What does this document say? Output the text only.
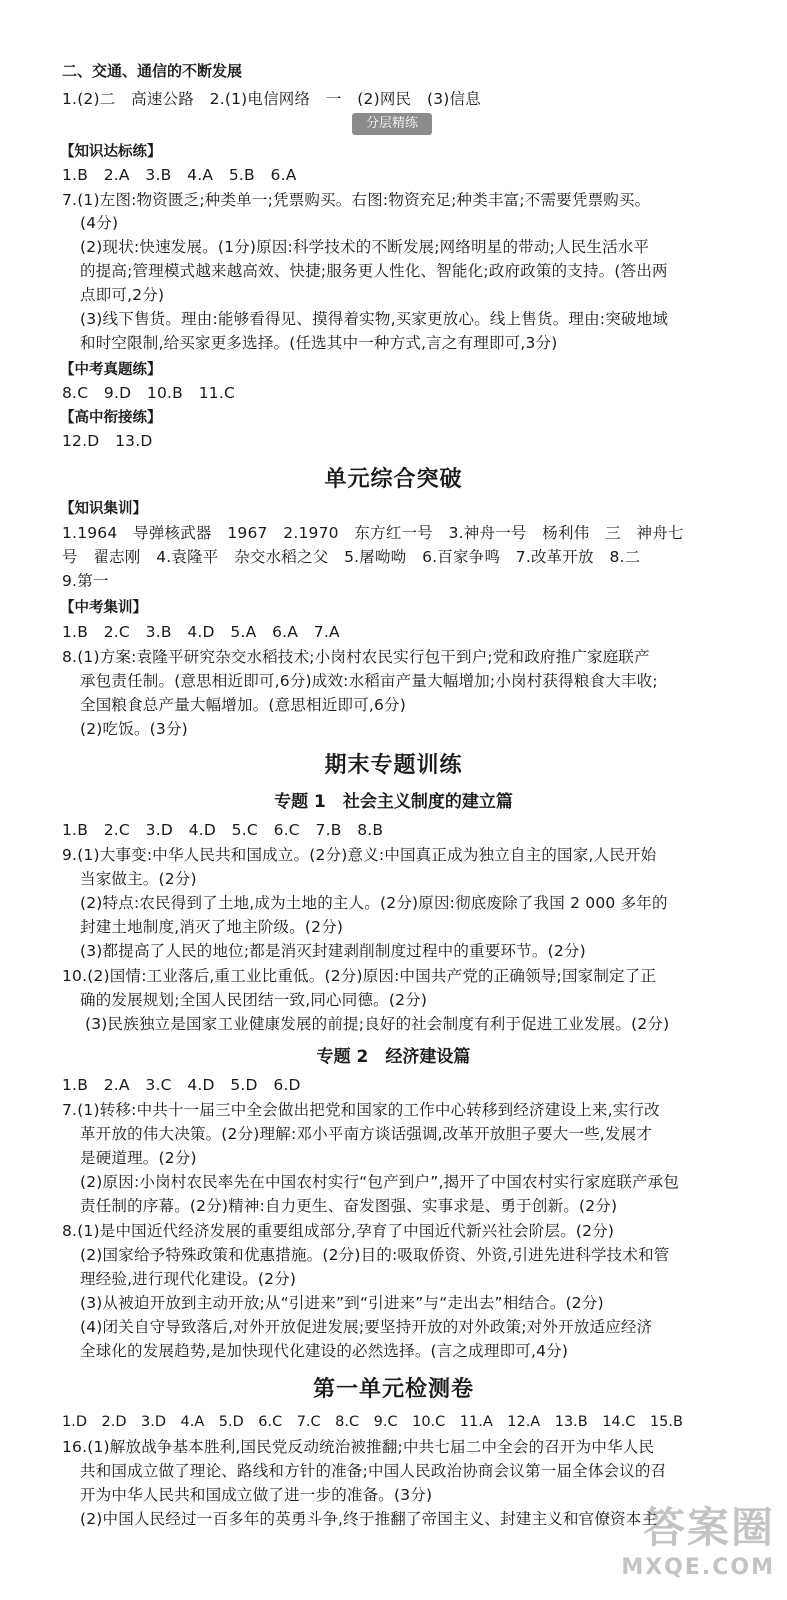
二、交通、通信的不断发展
1.(2)二　高速公路　2.(1)电信网络　一　(2)网民　(3)信息
分层精练
【知识达标练】
1.B　2.A　3.B　4.A　5.B　6.A
7.(1)左图:物资匮乏;种类单一;凭票购买。右图:物资充足;种类丰富;不需要凭票购买。
(4分)
(2)现状:快速发展。(1分)原因:科学技术的不断发展;网络明星的带动;人民生活水平
的提高;管理模式越来越高效、快捷;服务更人性化、智能化;政府政策的支持。(答出两
点即可,2分)
(3)线下售货。理由:能够看得见、摸得着实物,买家更放心。线上售货。理由:突破地域
和时空限制,给买家更多选择。(任选其中一种方式,言之有理即可,3分)
【中考真题练】
8.C　9.D　10.B　11.C
【高中衔接练】
12.D　13.D
单元综合突破
【知识集训】
1.1964　导弹核武器　1967　2.1970　东方红一号　3.神舟一号　杨利伟　三　神舟七
号　翟志刚　4.袁隆平　杂交水稻之父　5.屠呦呦　6.百家争鸣　7.改革开放　8.二
9.第一
【中考集训】
1.B　2.C　3.B　4.D　5.A　6.A　7.A
8.(1)方案:袁隆平研究杂交水稻技术;小岗村农民实行包干到户;党和政府推广家庭联产
承包责任制。(意思相近即可,6分)成效:水稻亩产量大幅增加;小岗村获得粮食大丰收;
全国粮食总产量大幅增加。(意思相近即可,6分)
(2)吃饭。(3分)
期末专题训练
专题 1　社会主义制度的建立篇
1.B　2.C　3.D　4.D　5.C　6.C　7.B　8.B
9.(1)大事变:中华人民共和国成立。(2分)意义:中国真正成为独立自主的国家,人民开始
当家做主。(2分)
(2)特点:农民得到了土地,成为土地的主人。(2分)原因:彻底废除了我国 2 000 多年的
封建土地制度,消灭了地主阶级。(2分)
(3)都提高了人民的地位;都是消灭封建剥削制度过程中的重要环节。(2分)
10.(2)国情:工业落后,重工业比重低。(2分)原因:中国共产党的正确领导;国家制定了正
确的发展规划;全国人民团结一致,同心同德。(2分)
(3)民族独立是国家工业健康发展的前提;良好的社会制度有利于促进工业发展。(2分)
专题 2　经济建设篇
1.B　2.A　3.C　4.D　5.D　6.D
7.(1)转移:中共十一届三中全会做出把党和国家的工作中心转移到经济建设上来,实行改
革开放的伟大决策。(2分)理解:邓小平南方谈话强调,改革开放胆子要大一些,发展才
是硬道理。(2分)
(2)原因:小岗村农民率先在中国农村实行“包产到户”,揭开了中国农村实行家庭联产承包
责任制的序幕。(2分)精神:自力更生、奋发图强、实事求是、勇于创新。(2分)
8.(1)是中国近代经济发展的重要组成部分,孕育了中国近代新兴社会阶层。(2分)
(2)国家给予特殊政策和优惠措施。(2分)目的:吸取侨资、外资,引进先进科学技术和管
理经验,进行现代化建设。(2分)
(3)从被迫开放到主动开放;从“引进来”到“引进来”与“走出去”相结合。(2分)
(4)闭关自守导致落后,对外开放促进发展;要坚持开放的对外政策;对外开放适应经济
全球化的发展趋势,是加快现代化建设的必然选择。(言之成理即可,4分)
第一单元检测卷
1.D　2.D　3.D　4.A　5.D　6.C　7.C　8.C　9.C　10.C　11.A　12.A　13.B　14.C　15.B
16.(1)解放战争基本胜利,国民党反动统治被推翻;中共七届二中全会的召开为中华人民
共和国成立做了理论、路线和方针的准备;中国人民政治协商会议第一届全体会议的召
开为中华人民共和国成立做了进一步的准备。(3分)
(2)中国人民经过一百多年的英勇斗争,终于推翻了帝国主义、封建主义和官僚资本主
答案圈
MXQE.COM
